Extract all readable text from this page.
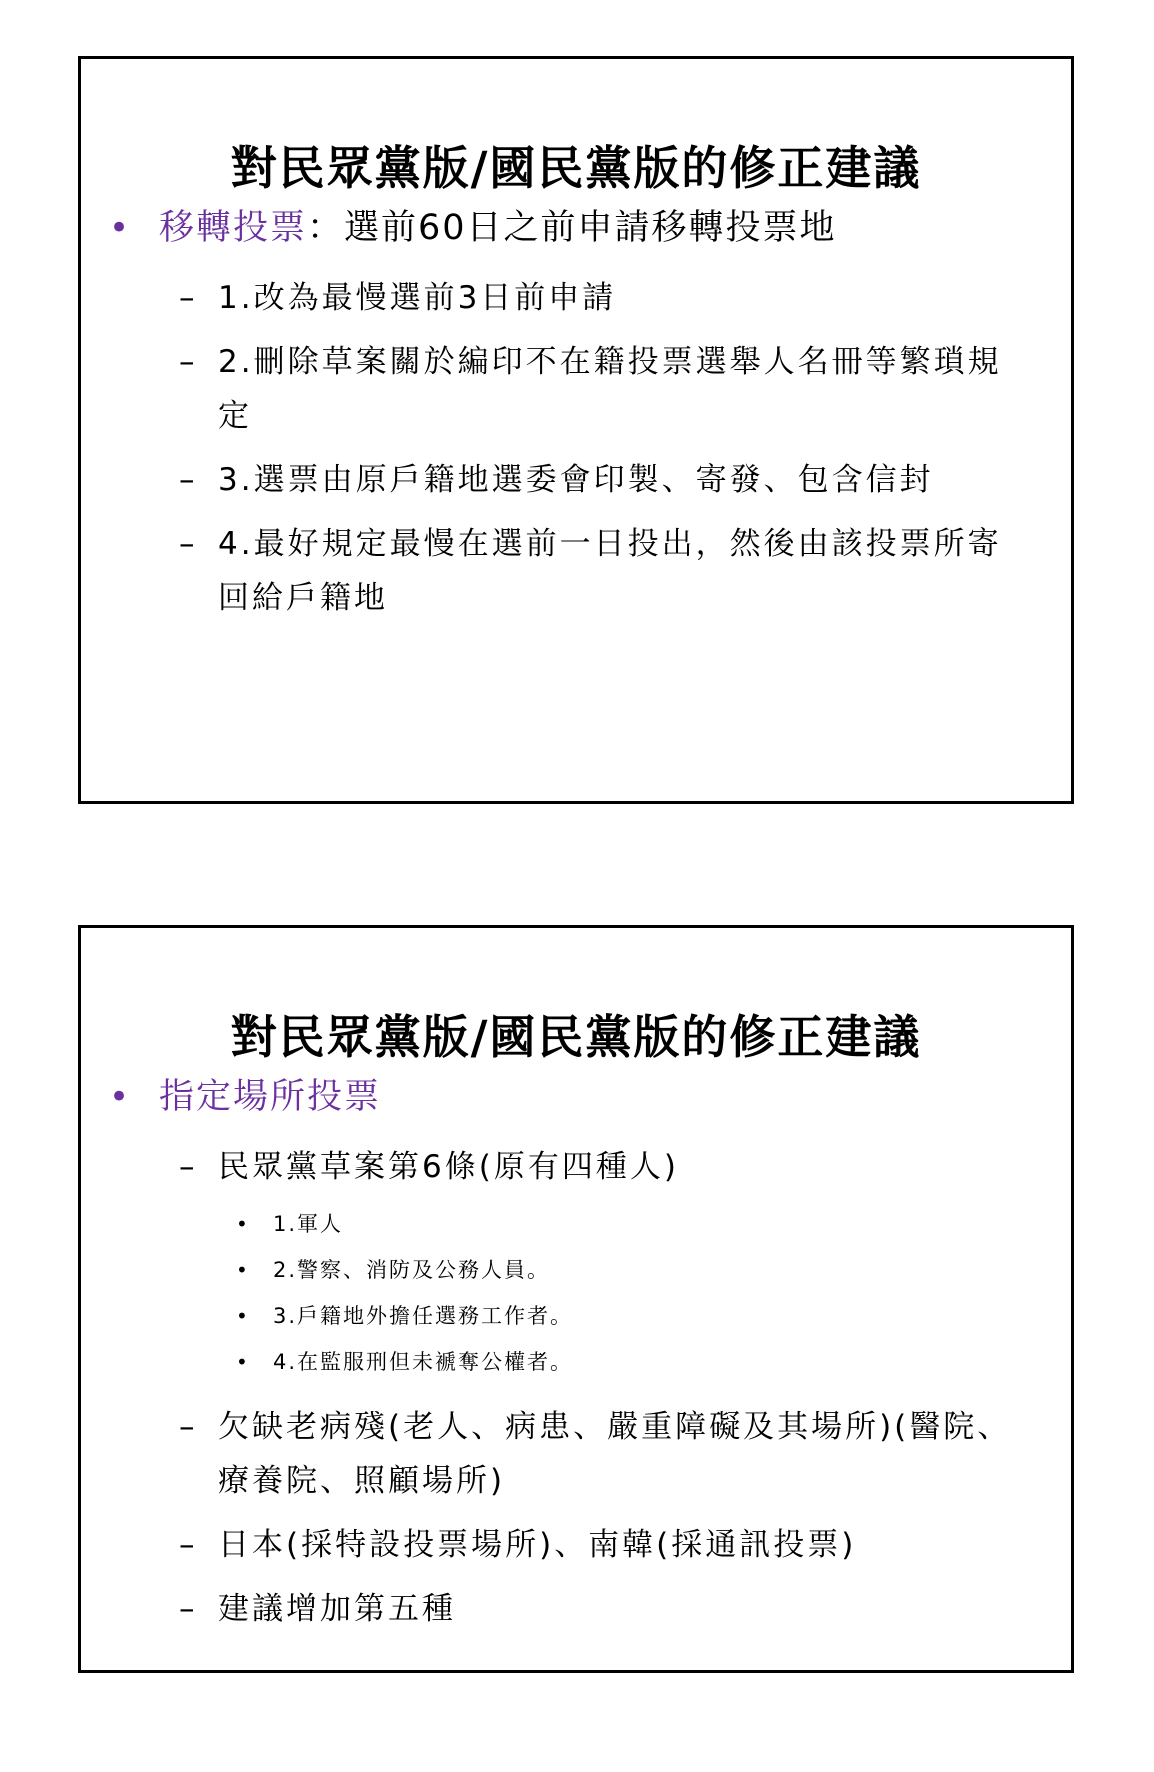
對民眾黨版/國民黨版的修正建議
• 移轉投票：選前60日之前申請移轉投票地
– 1.改為最慢選前3日前申請
– 2.刪除草案關於編印不在籍投票選舉人名冊等繁瑣規定
– 3.選票由原戶籍地選委會印製、寄發、包含信封
– 4.最好規定最慢在選前一日投出，然後由該投票所寄回給戶籍地
對民眾黨版/國民黨版的修正建議
• 指定場所投票
– 民眾黨草案第6條(原有四種人)
• 1.軍人
• 2.警察、消防及公務人員。
• 3.戶籍地外擔任選務工作者。
• 4.在監服刑但未褫奪公權者。
– 欠缺老病殘(老人、病患、嚴重障礙及其場所)(醫院、療養院、照顧場所)
– 日本(採特設投票場所)、南韓(採通訊投票)
– 建議增加第五種
